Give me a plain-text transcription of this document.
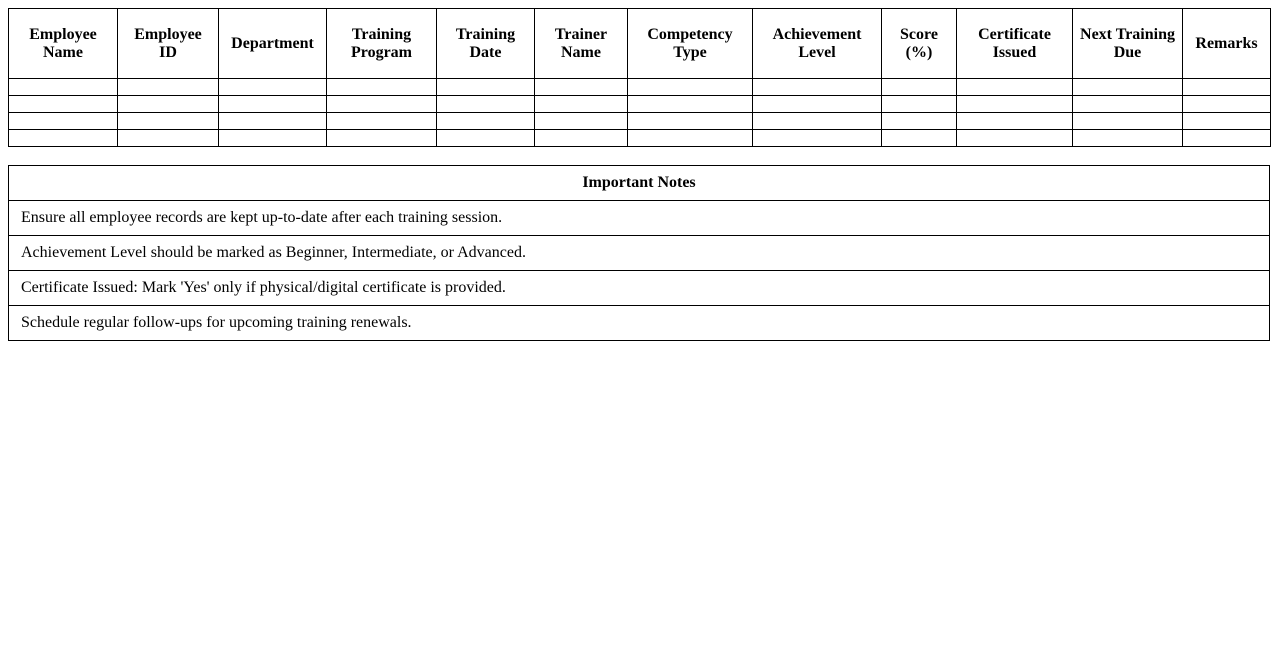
Employee Name	Employee ID	Department	Training Program	Training Date	Trainer Name	Competency Type	Achievement Level	Score (%)	Certificate Issued	Next Training Due	Remarks

Important Notes
Ensure all employee records are kept up-to-date after each training session.
Achievement Level should be marked as Beginner, Intermediate, or Advanced.
Certificate Issued: Mark 'Yes' only if physical/digital certificate is provided.
Schedule regular follow-ups for upcoming training renewals.
